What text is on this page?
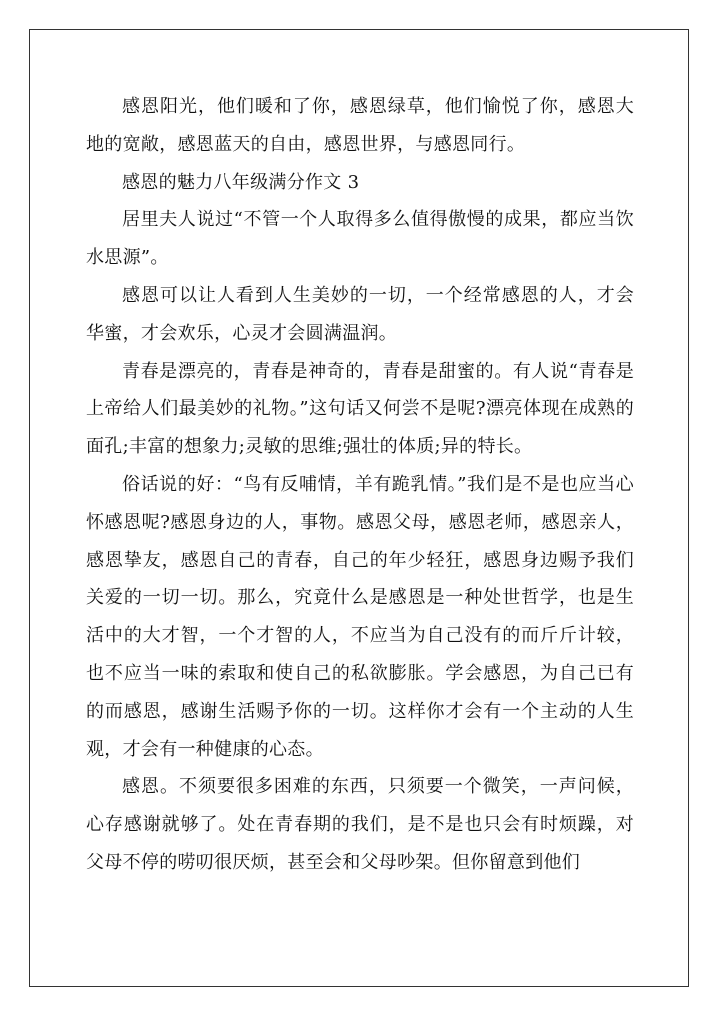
感恩阳光，他们暖和了你，感恩绿草，他们愉悦了你，感恩大地的宽敞，感恩蓝天的自由，感恩世界，与感恩同行。

感恩的魅力八年级满分作文 3

居里夫人说过“不管一个人取得多么值得傲慢的成果，都应当饮水思源”。

感恩可以让人看到人生美妙的一切，一个经常感恩的人，才会华蜜，才会欢乐，心灵才会圆满温润。

青春是漂亮的，青春是神奇的，青春是甜蜜的。有人说“青春是上帝给人们最美妙的礼物。”这句话又何尝不是呢?漂亮体现在成熟的面孔;丰富的想象力;灵敏的思维;强壮的体质;异的特长。

俗话说的好：“鸟有反哺情，羊有跪乳情。”我们是不是也应当心怀感恩呢?感恩身边的人，事物。感恩父母，感恩老师，感恩亲人，感恩挚友，感恩自己的青春，自己的年少轻狂，感恩身边赐予我们关爱的一切一切。那么，究竟什么是感恩是一种处世哲学，也是生活中的大才智，一个才智的人，不应当为自己没有的而斤斤计较，也不应当一味的索取和使自己的私欲膨胀。学会感恩，为自己已有的而感恩，感谢生活赐予你的一切。这样你才会有一个主动的人生观，才会有一种健康的心态。

感恩。不须要很多困难的东西，只须要一个微笑，一声问候，心存感谢就够了。处在青春期的我们，是不是也只会有时烦躁，对父母不停的唠叨很厌烦，甚至会和父母吵架。但你留意到他们
